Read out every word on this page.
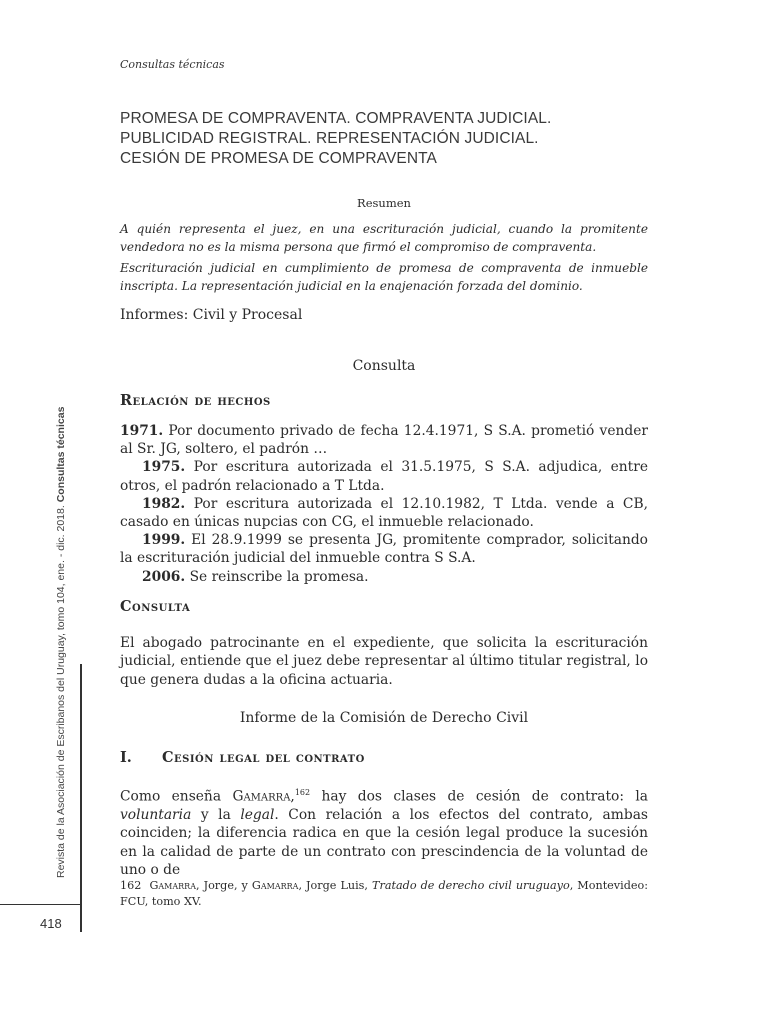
Consultas técnicas
PROMESA DE COMPRAVENTA. COMPRAVENTA JUDICIAL.
PUBLICIDAD REGISTRAL. REPRESENTACIÓN JUDICIAL.
CESIÓN DE PROMESA DE COMPRAVENTA
Resumen

A quién representa el juez, en una escrituración judicial, cuando la promitente vendedora no es la misma persona que firmó el compromiso de compraventa.

Escrituración judicial en cumplimiento de promesa de compraventa de inmueble inscripta. La representación judicial en la enajenación forzada del dominio.

Informes: Civil y Procesal
Consulta
Relación de hechos

1971. Por documento privado de fecha 12.4.1971, S S.A. prometió vender al Sr. JG, soltero, el padrón …

1975. Por escritura autorizada el 31.5.1975, S S.A. adjudica, entre otros, el padrón relacionado a T Ltda.

1982. Por escritura autorizada el 12.10.1982, T Ltda. vende a CB, casado en únicas nupcias con CG, el inmueble relacionado.

1999. El 28.9.1999 se presenta JG, promitente comprador, solicitando la escrituración judicial del inmueble contra S S.A.

2006. Se reinscribe la promesa.

Consulta
El abogado patrocinante en el expediente, que solicita la escrituración judicial, entiende que el juez debe representar al último titular registral, lo que genera dudas a la oficina actuaria.
Informe de la Comisión de Derecho Civil
I. Cesión legal del contrato
Como enseña Gamarra,$^{162}$ hay dos clases de cesión de contrato: la voluntaria y la legal. Con relación a los efectos del contrato, ambas coinciden; la diferencia radica en que la cesión legal produce la sucesión en la calidad de parte de un contrato con prescindencia de la voluntad de uno o de
162 Gamarra, Jorge, y Gamarra, Jorge Luis, Tratado de derecho civil uruguayo, Montevideo: FCU, tomo XV.
Revista de la Asociación de Escribanos del Uruguay, tomo 104, ene. - dic. 2018. Consultas técnicas
418
